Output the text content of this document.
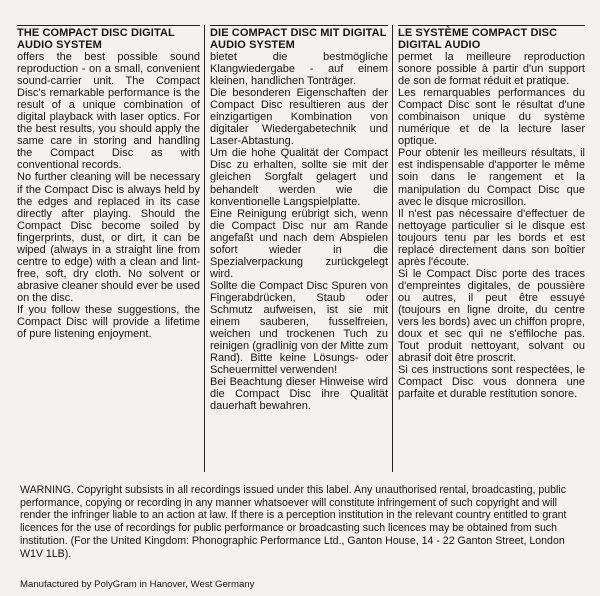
THE COMPACT DISC DIGITAL AUDIO SYSTEM

offers the best possible sound reproduction - on a small, convenient sound-carrier unit. The Compact Disc's remarkable performance is the result of a unique combination of digital playback with laser optics. For the best results, you should apply the same care in storing and handling the Compact Disc as with conventional records.

No further cleaning will be necessary if the Compact Disc is always held by the edges and replaced in its case directly after playing. Should the Compact Disc become soiled by fingerprints, dust, or dirt, it can be wiped (always in a straight line from centre to edge) with a clean and lint-free, soft, dry cloth. No solvent or abrasive cleaner should ever be used on the disc.

If you follow these suggestions, the Compact Disc will provide a lifetime of pure listening enjoyment.

DIE COMPACT DISC MIT DIGITAL AUDIO SYSTEM

bietet die bestmögliche Klangwiedergabe - auf einem kleinen, handlichen Tonträger.

Die besonderen Eigenschaften der Compact Disc resultieren aus der einzigartigen Kombination von digitaler Wiedergabetechnik und Laser-Abtastung.

Um die hohe Qualität der Compact Disc zu erhalten, sollte sie mit der gleichen Sorgfalt gelagert und behandelt werden wie die konventionelle Langspielplatte.

Eine Reinigung erübrigt sich, wenn die Compact Disc nur am Rande angefaßt und nach dem Abspielen sofort wieder in die Spezialverpackung zurückgelegt wird.

Sollte die Compact Disc Spuren von Fingerabdrücken, Staub oder Schmutz aufweisen, ist sie mit einem sauberen, fusselfreien, weichen und trockenen Tuch zu reinigen (gradlinig von der Mitte zum Rand). Bitte keine Lösungs- oder Scheuermittel verwenden!

Bei Beachtung dieser Hinweise wird die Compact Disc ihre Qualität dauerhaft bewahren.

LE SYSTÈME COMPACT DISC DIGITAL AUDIO

permet la meilleure reproduction sonore possible à partir d'un support de son de format réduit et pratique.

Les remarquables performances du Compact Disc sont le résultat d'une combinaison unique du système numérique et de la lecture laser optique.

Pour obtenir les meilleurs résultats, il est indispensable d'apporter le même soin dans le rangement et la manipulation du Compact Disc que avec le disque microsillon.

Il n'est pas nécessaire d'effectuer de nettoyage particulier si le disque est toujours tenu par les bords et est replacé directement dans son boîtier après l'écoute.

Si le Compact Disc porte des traces d'empreintes digitales, de poussière ou autres, il peut être essuyé (toujours en ligne droite, du centre vers les bords) avec un chiffon propre, doux et sec qui ne s'effiloche pas. Tout produit nettoyant, solvant ou abrasif doit être proscrit.

Si ces instructions sont respectées, le Compact Disc vous donnera une parfaite et durable restitution sonore.

WARNING. Copyright subsists in all recordings issued under this label. Any unauthorised rental, broadcasting, public performance, copying or recording in any manner whatsoever will constitute infringement of such copyright and will render the infringer liable to an action at law. If there is a perception institution in the relevant country entitled to grant licences for the use of recordings for public performance or broadcasting such licences may be obtained from such institution. (For the United Kingdom: Phonographic Performance Ltd., Ganton House, 14 - 22 Ganton Street, London W1V 1LB).

Manufactured by PolyGram in Hanover, West Germany
